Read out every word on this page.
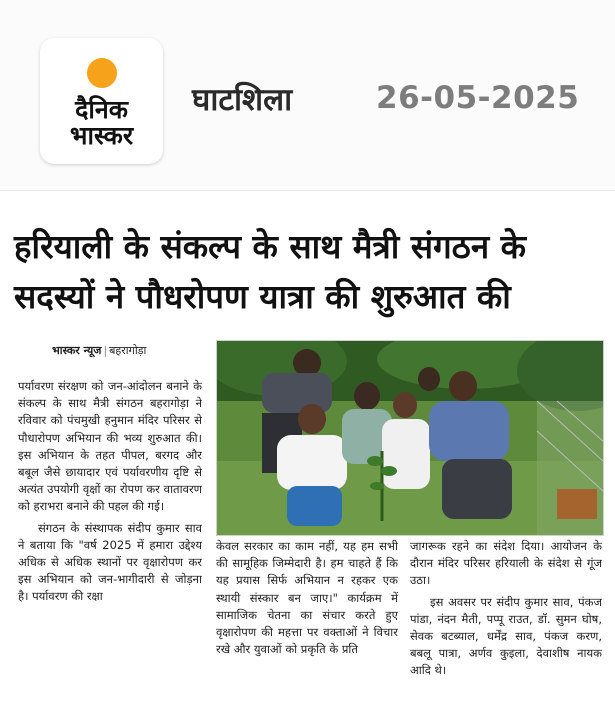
दैनिक
भास्कर
घाटशिला	26-05-2025
हरियाली के संकल्प के साथ मैत्री संगठन के सदस्यों ने पौधरोपण यात्रा की शुरुआत की
भास्कर न्यूज | बहरागोड़ा

पर्यावरण संरक्षण को जन-आंदोलन बनाने के संकल्प के साथ मैत्री संगठन बहरागोड़ा ने रविवार को पंचमुखी हनुमान मंदिर परिसर से पौधारोपण अभियान की भव्य शुरुआत की। इस अभियान के तहत पीपल, बरगद और बबूल जैसे छायादार एवं पर्यावरणीय दृष्टि से अत्यंत उपयोगी वृक्षों का रोपण कर वातावरण को हराभरा बनाने की पहल की गई।

संगठन के संस्थापक संदीप कुमार साव ने बताया कि "वर्ष 2025 में हमारा उद्देश्य अधिक से अधिक स्थानों पर वृक्षारोपण कर इस अभियान को जन-भागीदारी से जोड़ना है। पर्यावरण की रक्षा

केवल सरकार का काम नहीं, यह हम सभी की सामूहिक जिम्मेदारी है। हम चाहते हैं कि यह प्रयास सिर्फ अभियान न रहकर एक स्थायी संस्कार बन जाए।" कार्यक्रम में सामाजिक चेतना का संचार करते हुए वृक्षारोपण की महत्ता पर वक्ताओं ने विचार रखे और युवाओं को प्रकृति के प्रति

जागरूक रहने का संदेश दिया। आयोजन के दौरान मंदिर परिसर हरियाली के संदेश से गूंज उठा।

इस अवसर पर संदीप कुमार साव, पंकज पांडा, नंदन मैती, पप्पू राउत, डॉ. सुमन घोष, सेवक बटब्याल, धर्मेंद्र साव, पंकज करण, बबलू पात्रा, अर्णव कुइला, देवाशीष नायक आदि थे।
